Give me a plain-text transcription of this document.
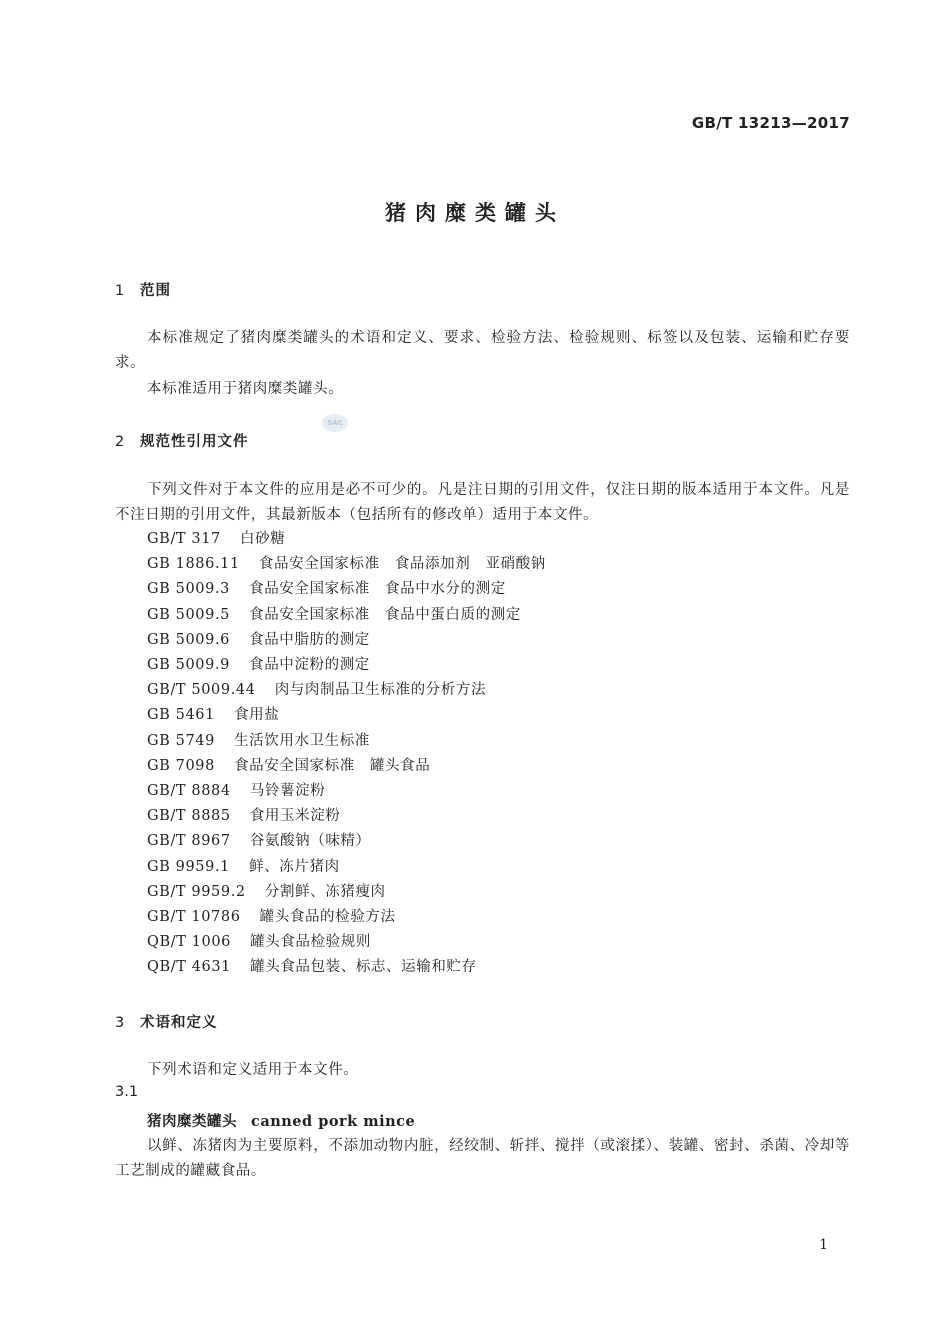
GB/T 13213—2017
猪肉糜类罐头
1 范围

本标准规定了猪肉糜类罐头的术语和定义、要求、检验方法、检验规则、标签以及包装、运输和贮存要求。

本标准适用于猪肉糜类罐头。

SAC
2 规范性引用文件

下列文件对于本文件的应用是必不可少的。凡是注日期的引用文件，仅注日期的版本适用于本文件。凡是不注日期的引用文件，其最新版本（包括所有的修改单）适用于本文件。

GB/T 317　 白砂糖
GB 1886.11　 食品安全国家标准　食品添加剂　亚硝酸钠
GB 5009.3　 食品安全国家标准　食品中水分的测定
GB 5009.5　 食品安全国家标准　食品中蛋白质的测定
GB 5009.6　 食品中脂肪的测定
GB 5009.9　 食品中淀粉的测定
GB/T 5009.44　 肉与肉制品卫生标准的分析方法
GB 5461　 食用盐
GB 5749　 生活饮用水卫生标准
GB 7098　 食品安全国家标准　罐头食品
GB/T 8884　 马铃薯淀粉
GB/T 8885　 食用玉米淀粉
GB/T 8967　 谷氨酸钠（味精）
GB 9959.1　 鲜、冻片猪肉
GB/T 9959.2　 分割鲜、冻猪瘦肉
GB/T 10786　 罐头食品的检验方法
QB/T 1006　 罐头食品检验规则
QB/T 4631　 罐头食品包装、标志、运输和贮存
3 术语和定义

下列术语和定义适用于本文件。

3.1
猪肉糜类罐头 canned pork mince

以鲜、冻猪肉为主要原料，不添加动物内脏，经绞制、斩拌、搅拌（或滚揉）、装罐、密封、杀菌、冷却等工艺制成的罐藏食品。

1
